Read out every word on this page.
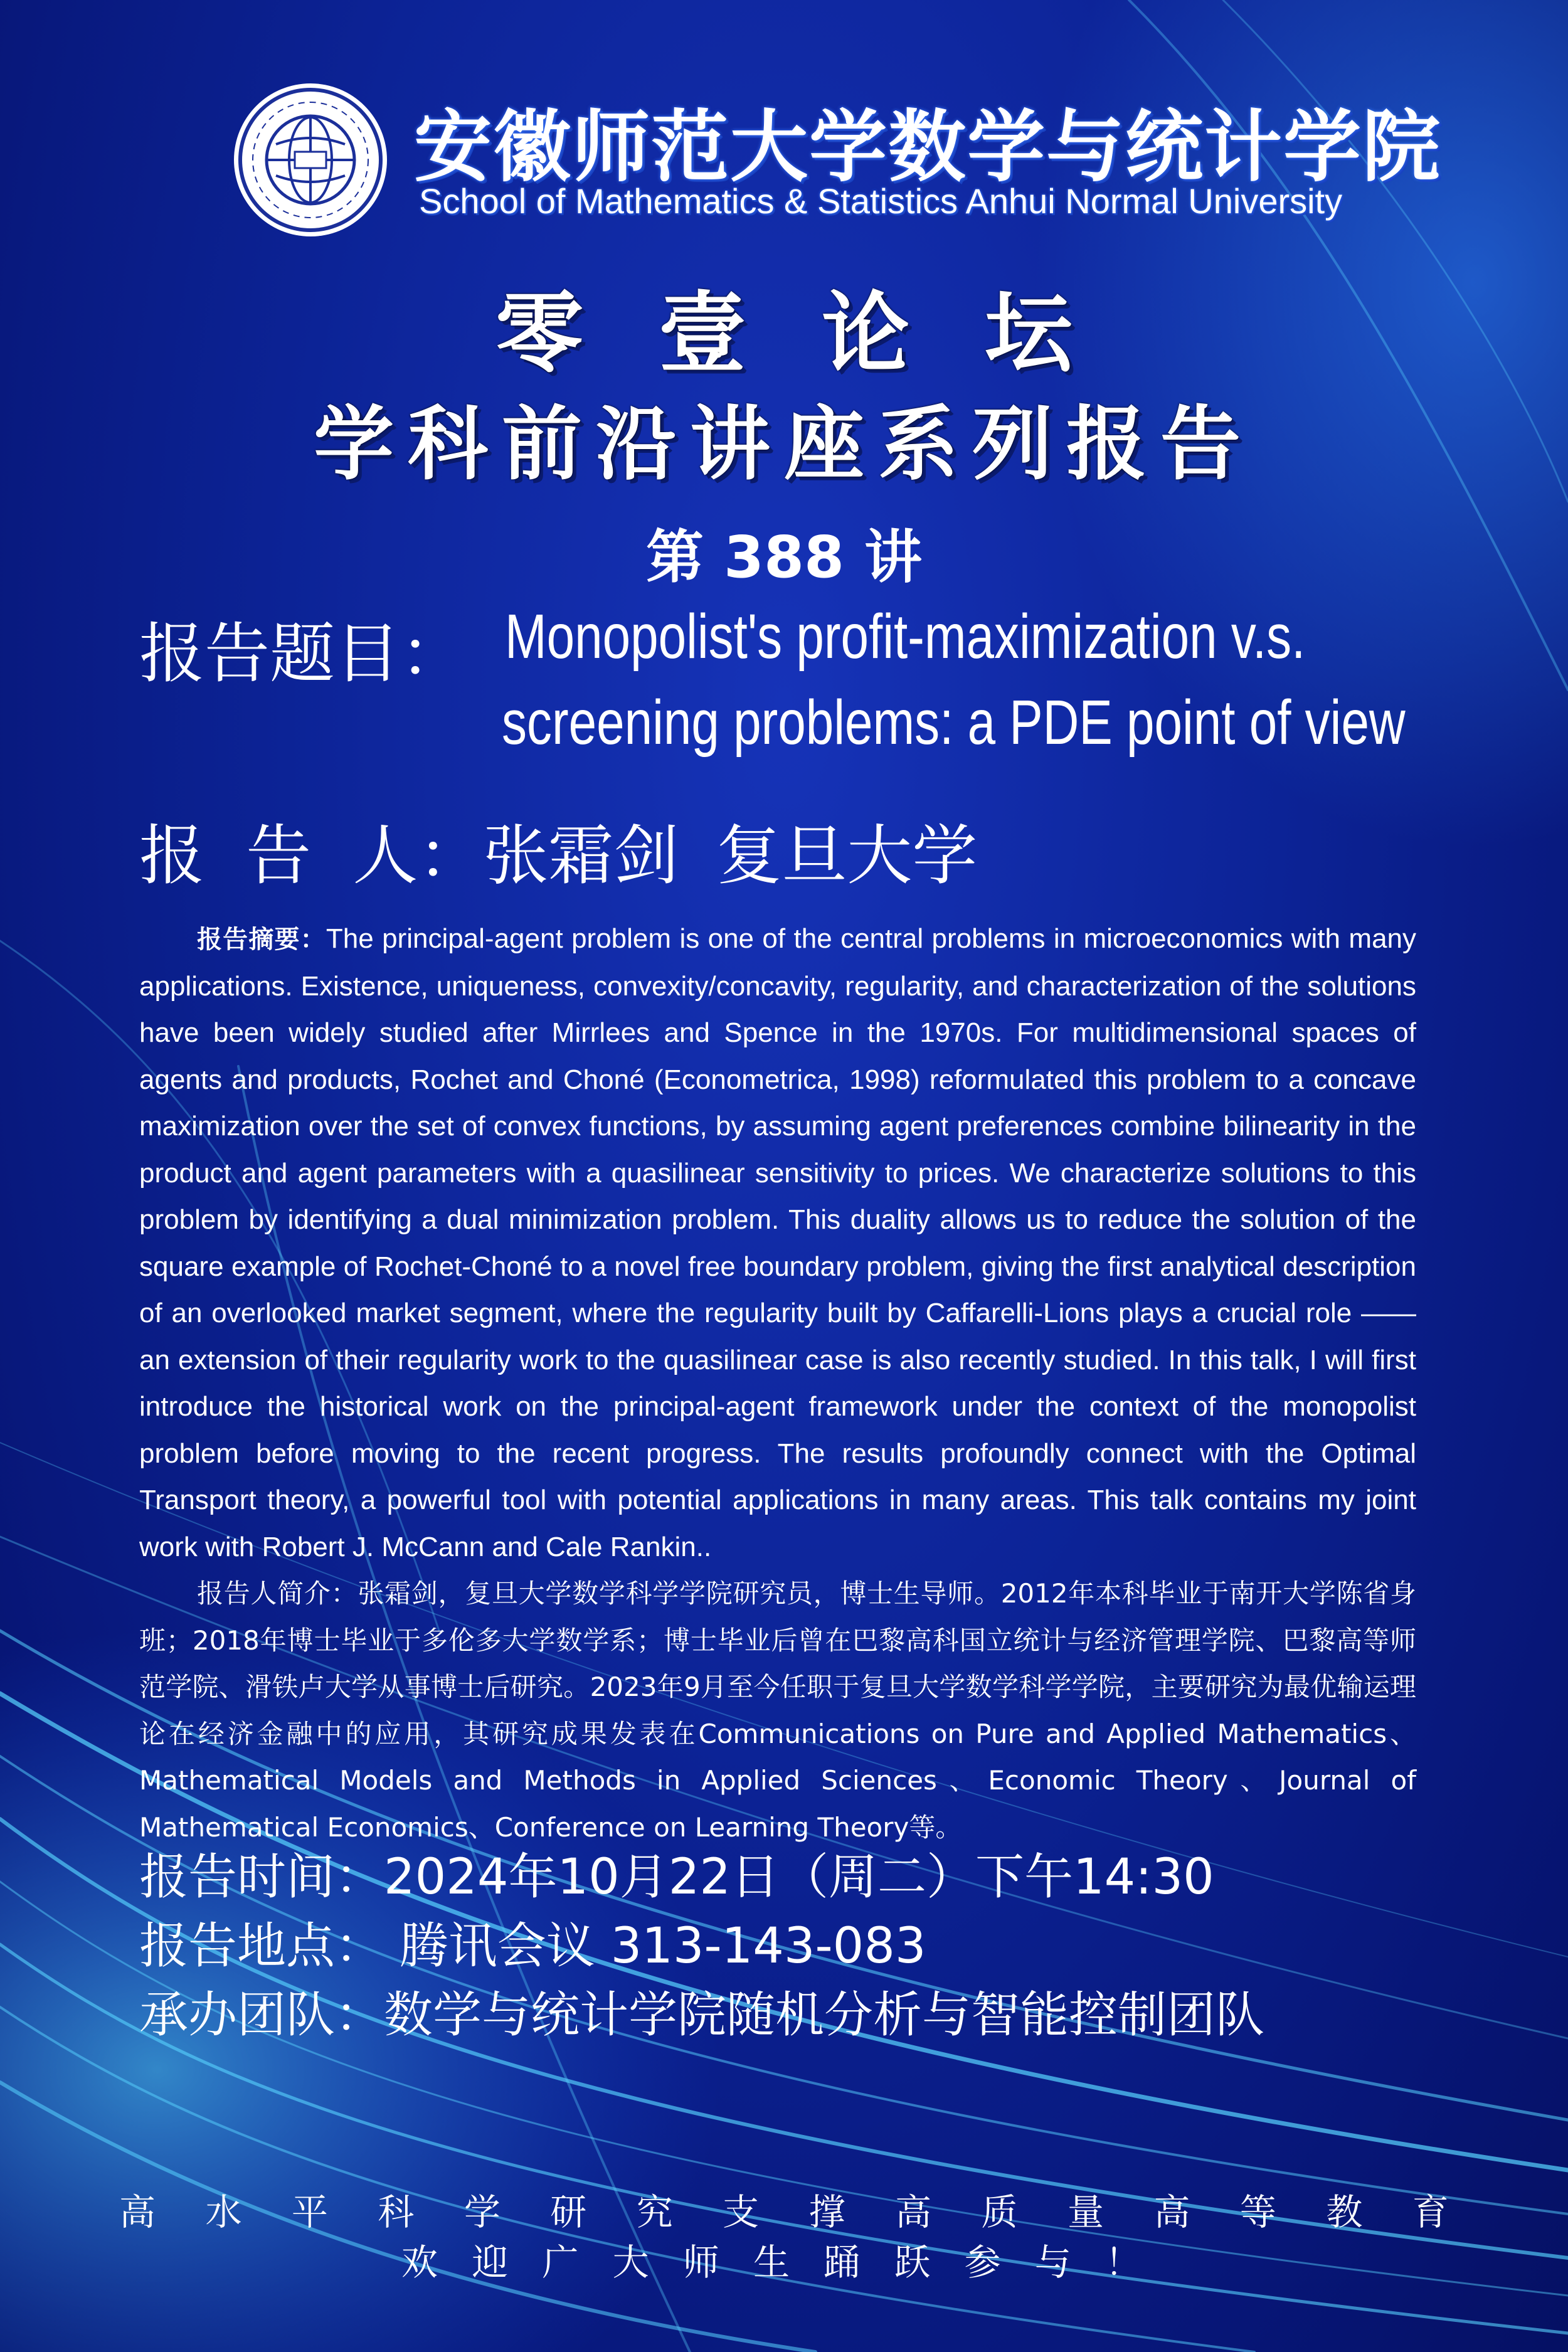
安徽师范大学数学与统计学院
School of Mathematics & Statistics Anhui Normal University
零壹论坛
学科前沿讲座系列报告
第 388 讲
报告题目： Monopolist's profit-maximization v.s.
screening problems: a PDE point of view
报  告  人：张霜剑 复旦大学

报告摘要：The principal-agent problem is one of the central problems in microeconomics with many applications. Existence, uniqueness, convexity/concavity, regularity, and characterization of the solutions have been widely studied after Mirrlees and Spence in the 1970s. For multidimensional spaces of agents and products, Rochet and Choné (Econometrica, 1998) reformulated this problem to a concave maximization over the set of convex functions, by assuming agent preferences combine bilinearity in the product and agent parameters with a quasilinear sensitivity to prices. We characterize solutions to this problem by identifying a dual minimization problem. This duality allows us to reduce the solution of the square example of Rochet-Choné to a novel free boundary problem, giving the first analytical description of an overlooked market segment, where the regularity built by Caffarelli-Lions plays a crucial role —— an extension of their regularity work to the quasilinear case is also recently studied. In this talk, I will first introduce the historical work on the principal-agent framework under the context of the monopolist problem before moving to the recent progress. The results profoundly connect with the Optimal Transport theory, a powerful tool with potential applications in many areas. This talk contains my joint work with Robert J. McCann and Cale Rankin..

报告人简介：张霜剑，复旦大学数学科学学院研究员，博士生导师。2012年本科毕业于南开大学陈省身班；2018年博士毕业于多伦多大学数学系；博士毕业后曾在巴黎高科国立统计与经济管理学院、巴黎高等师范学院、滑铁卢大学从事博士后研究。2023年9月至今任职于复旦大学数学科学学院，主要研究为最优输运理论在经济金融中的应用，其研究成果发表在Communications on Pure and Applied Mathematics、Mathematical Models and Methods in Applied Sciences、Economic Theory、Journal of Mathematical Economics、Conference on Learning Theory等。

报告时间：2024年10月22日（周二）下午14:30
报告地点： 腾讯会议 313-143-083
承办团队：数学与统计学院随机分析与智能控制团队
高 水 平 科 学 研 究 支 撑 高 质 量 高 等 教 育
欢 迎 广 大 师 生 踊 跃 参 与 ！
